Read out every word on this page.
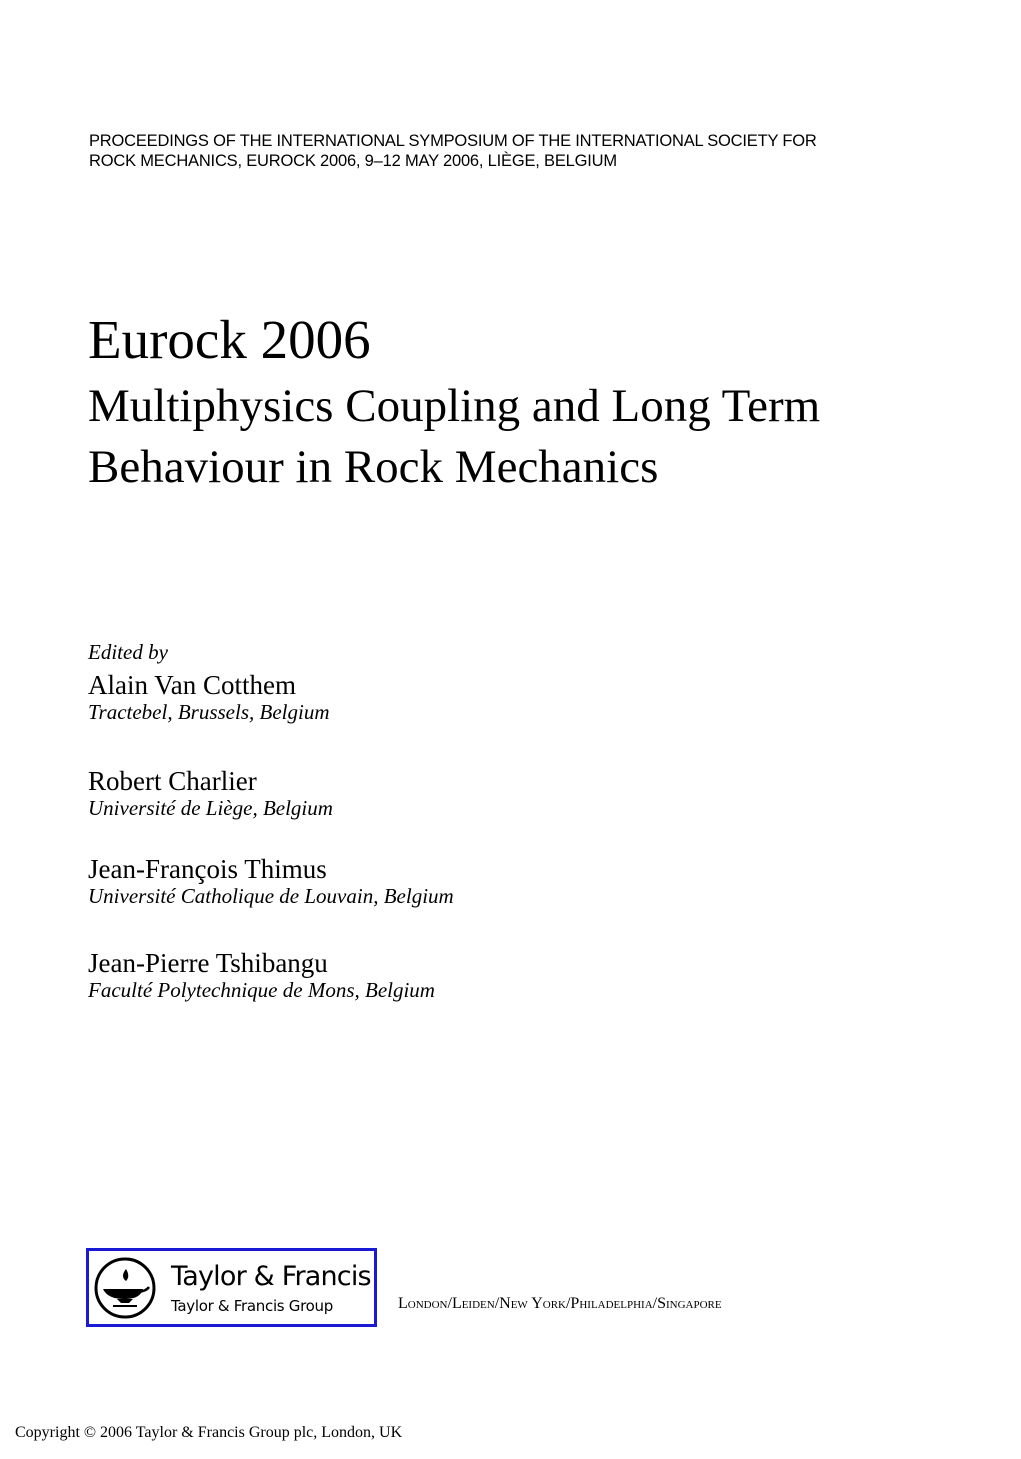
PROCEEDINGS OF THE INTERNATIONAL SYMPOSIUM OF THE INTERNATIONAL SOCIETY FOR
ROCK MECHANICS, EUROCK 2006, 9–12 MAY 2006, LIÈGE, BELGIUM
Eurock 2006
Multiphysics Coupling and Long Term
Behaviour in Rock Mechanics
Edited by
Alain Van Cotthem
Tractebel, Brussels, Belgium
Robert Charlier
Université de Liège, Belgium
Jean-François Thimus
Université Catholique de Louvain, Belgium
Jean-Pierre Tshibangu
Faculté Polytechnique de Mons, Belgium
Taylor & Francis
Taylor & Francis Group	London/Leiden/New York/Philadelphia/Singapore
Copyright © 2006 Taylor & Francis Group plc, London, UK
